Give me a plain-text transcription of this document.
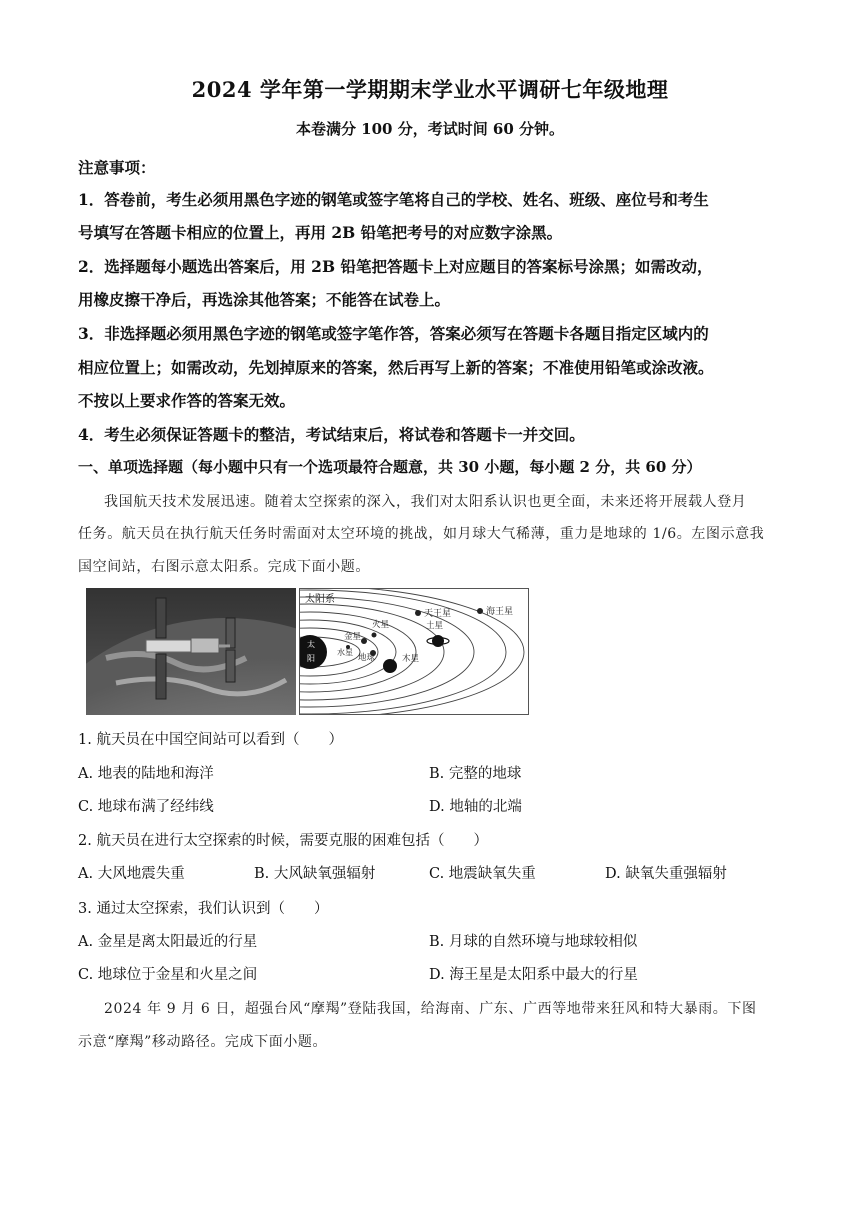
2024 学年第一学期期末学业水平调研七年级地理
本卷满分 100 分，考试时间 60 分钟。
注意事项：
1．答卷前，考生必须用黑色字迹的钢笔或签字笔将自己的学校、姓名、班级、座位号和考生
号填写在答题卡相应的位置上，再用 2B 铅笔把考号的对应数字涂黑。
2．选择题每小题选出答案后，用 2B 铅笔把答题卡上对应题目的答案标号涂黑；如需改动，
用橡皮擦干净后，再选涂其他答案；不能答在试卷上。
3．非选择题必须用黑色字迹的钢笔或签字笔作答，答案必须写在答题卡各题目指定区域内的
相应位置上；如需改动，先划掉原来的答案，然后再写上新的答案；不准使用铅笔或涂改液。
不按以上要求作答的答案无效。
4．考生必须保证答题卡的整洁，考试结束后，将试卷和答题卡一并交回。
一、单项选择题（每小题中只有一个选项最符合题意，共 30 小题，每小题 2 分，共 60 分）
我国航天技术发展迅速。随着太空探索的深入，我们对太阳系认识也更全面，未来还将开展载人登月
任务。航天员在执行航天任务时需面对太空环境的挑战，如月球大气稀薄，重力是地球的 1/6。左图示意我
国空间站，右图示意太阳系。完成下面小题。
太阳系
太
阳
水星
金星
地球
火星
木星
土星
天王星	海王星
1. 航天员在中国空间站可以看到（　　）
A. 地表的陆地和海洋	B. 完整的地球
C. 地球布满了经纬线	D. 地轴的北端
2. 航天员在进行太空探索的时候，需要克服的困难包括（　　）
A. 大风地震失重	B. 大风缺氧强辐射	C. 地震缺氧失重	D. 缺氧失重强辐射
3. 通过太空探索，我们认识到（　　）
A. 金星是离太阳最近的行星	B. 月球的自然环境与地球较相似
C. 地球位于金星和火星之间	D. 海王星是太阳系中最大的行星
2024 年 9 月 6 日，超强台风“摩羯”登陆我国，给海南、广东、广西等地带来狂风和特大暴雨。下图
示意“摩羯”移动路径。完成下面小题。
